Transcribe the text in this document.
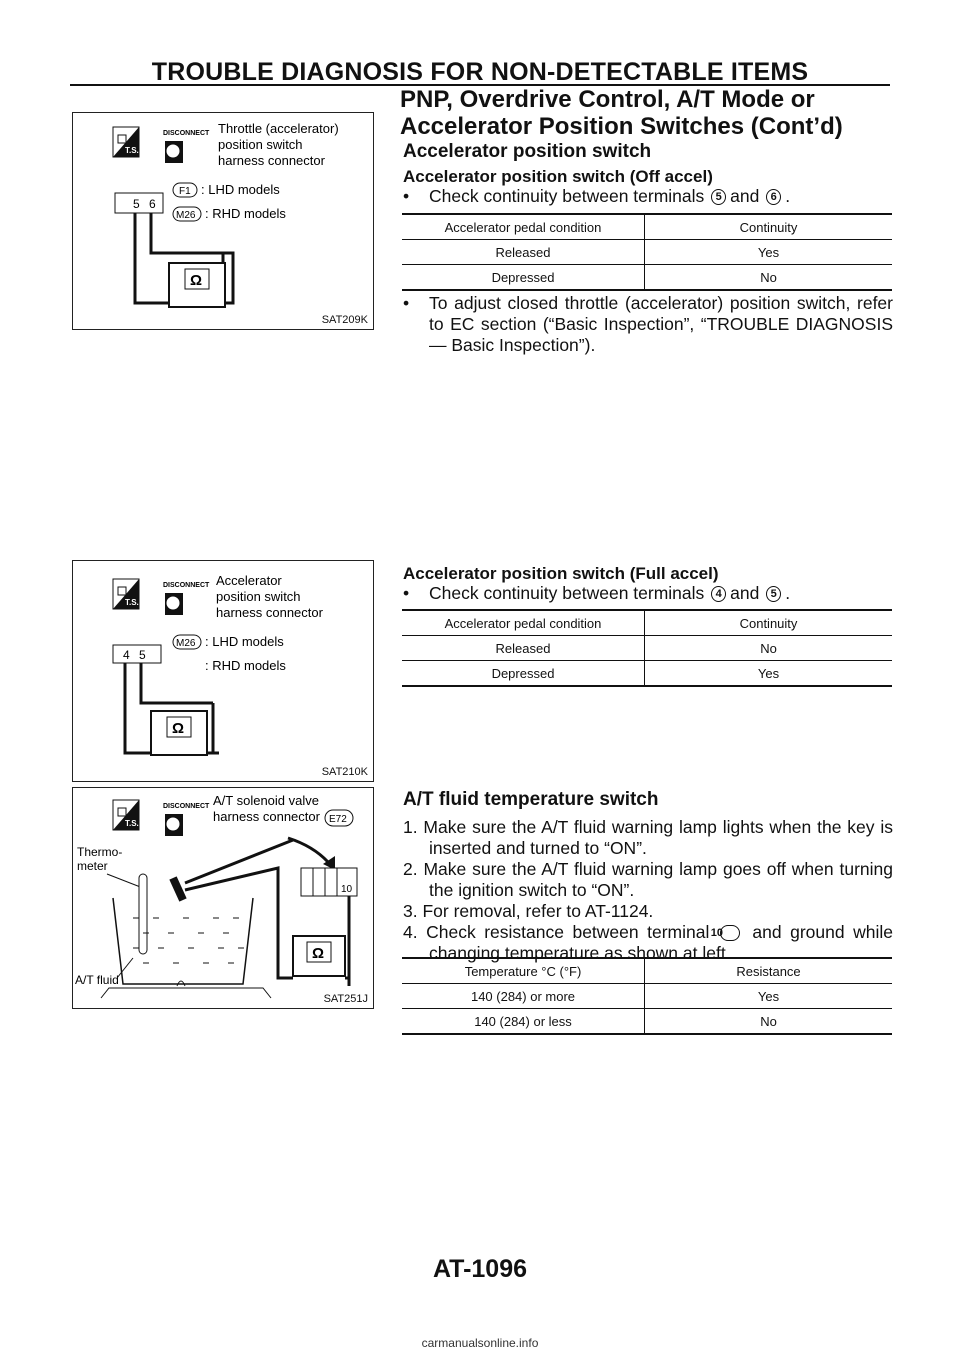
TROUBLE DIAGNOSIS FOR NON-DETECTABLE ITEMS
PNP, Overdrive Control, A/T Mode or
Accelerator Position Switches (Cont’d)
T.S.
DISCONNECT Throttle (accelerator)
position switch
harness connector
F1 : LHD models
M26 : RHD models
5 6
Ω
SAT209K
Accelerator position switch
Accelerator position switch (Off accel)
• Check continuity between terminals 5 and 6 .
Accelerator pedal condition	Continuity
Released	Yes
Depressed	No
•	To adjust closed throttle (accelerator) position switch, refer to EC section (“Basic Inspection”, “TROUBLE DIAGNOSIS — Basic Inspection”).
T.S.
DISCONNECT Accelerator
position switch
harness connector
M26 : LHD models
: RHD models
4 5
Ω
SAT210K
Accelerator position switch (Full accel)
• Check continuity between terminals 4 and 5 .
Accelerator pedal condition	Continuity
Released	No
Depressed	Yes
T.S.
DISCONNECT A/T solenoid valve
harness connector E72
Thermo-
meter
10
Ω
A/T fluid
SAT251J
A/T fluid temperature switch
1. Make sure the A/T fluid warning lamp lights when the key is inserted and turned to “ON”.
2. Make sure the A/T fluid warning lamp goes off when turning the ignition switch to “ON”.
3. For removal, refer to AT-1124.
4. Check resistance between terminal 10 and ground while changing temperature as shown at left.
Temperature °C (°F)	Resistance
140 (284) or more	Yes
140 (284) or less	No
AT-1096
carmanualsonline.info
